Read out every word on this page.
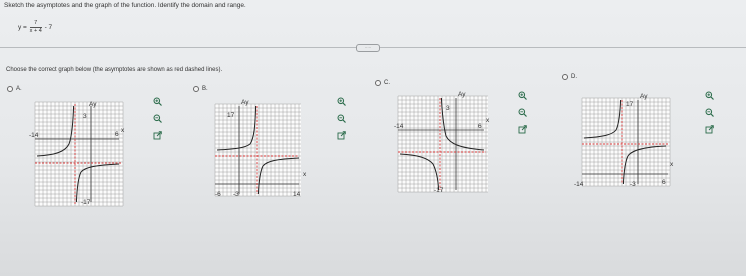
Sketch the asymptotes and the graph of the function. Identify the domain and range.
$y = \frac{7}{x + 4} - 7$
·····
Choose the correct graph below (the asymptotes are shown as red dashed lines).
A.
3
Ay
6
x
-14
-17
B.
17
Ay
14
x
-6 -3
C.
3
Ay
6
x
-14
-17
D.
17
Ay
6
x
-14	-3
